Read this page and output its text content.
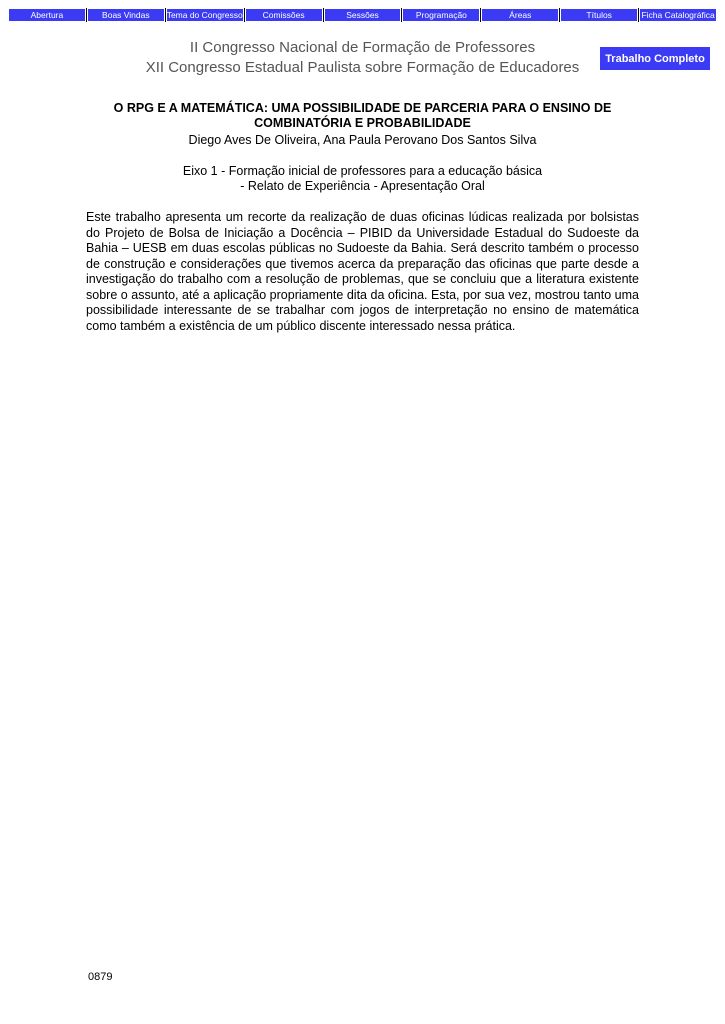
Abertura	Boas Vindas	Tema do Congresso	Comissões	Sessões	Programação	Áreas	Títulos	Ficha Catalográfica
II Congresso Nacional de Formação de Professores
XII Congresso Estadual Paulista sobre Formação de Educadores
Trabalho Completo
O RPG E A MATEMÁTICA: UMA POSSIBILIDADE DE PARCERIA PARA O ENSINO DE
COMBINATÓRIA E PROBABILIDADE
Diego Aves De Oliveira, Ana Paula Perovano Dos Santos Silva
Eixo 1 - Formação inicial de professores para a educação básica
- Relato de Experiência - Apresentação Oral
Este trabalho apresenta um recorte da realização de duas oficinas lúdicas realizada por bolsistas do Projeto de Bolsa de Iniciação a Docência – PIBID da Universidade Estadual do Sudoeste da Bahia – UESB em duas escolas públicas no Sudoeste da Bahia. Será descrito também o processo de construção e considerações que tivemos acerca da preparação das oficinas que parte desde a investigação do trabalho com a resolução de problemas, que se concluiu que a literatura existente sobre o assunto, até a aplicação propriamente dita da oficina. Esta, por sua vez, mostrou tanto uma possibilidade interessante de se trabalhar com jogos de interpretação no ensino de matemática como também a existência de um público discente interessado nessa prática.
0879
